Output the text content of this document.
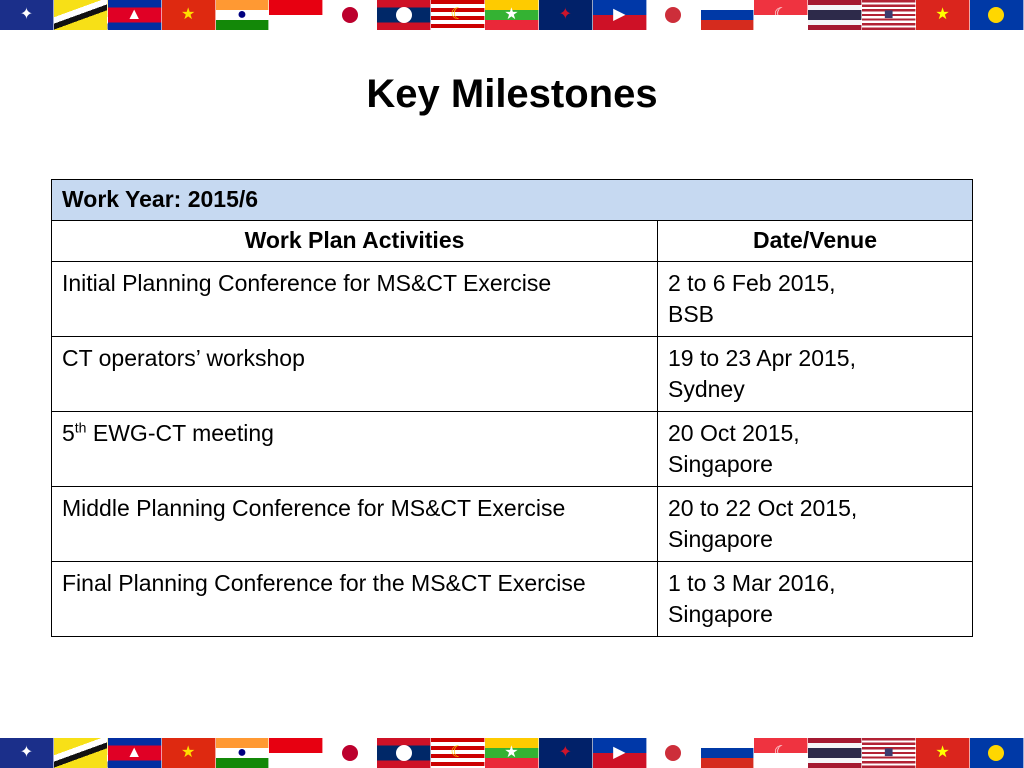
✦	▲ ★	●	☾ ★	✦	▶	☾	■	★
Key Milestones
Work Year: 2015/6	
Work Plan Activities	Date/Venue
Initial Planning Conference for MS&CT Exercise	2 to 6 Feb 2015,
BSB
CT operators’ workshop	19 to 23 Apr 2015,
Sydney
5th EWG-CT meeting	20 Oct 2015,
Singapore
Middle Planning Conference for MS&CT Exercise	20 to 22 Oct 2015,
Singapore
Final Planning Conference for the MS&CT Exercise	1 to 3 Mar 2016,
Singapore
✦	▲ ★	●	☾ ★	✦	▶	☾	■	★
